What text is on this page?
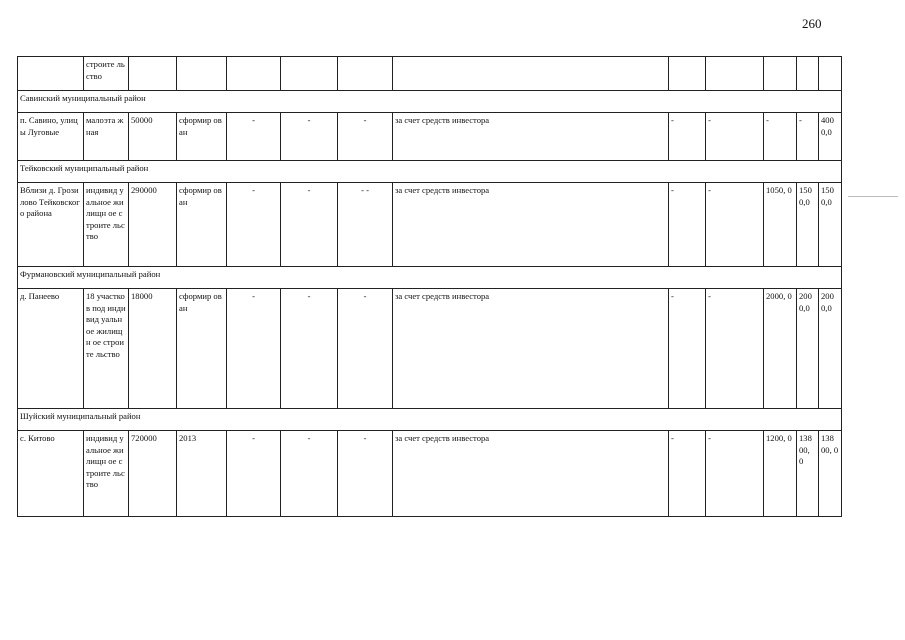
260
	строите льство											
Савинский муниципальный район												
п. Савино, улицы Луговые	малоэта жная	50000	сформир ован	-	-	-	за счет средств инвестора	-	-	-	-	400 0,0
Тейковский муниципальный район												
Вблизи д. Грозилово Тейковског о района	индивид уальное жилищн ое строите льство	290000	сформир ован	-	-	- -	за счет средств инвестора	-	-	1050, 0	150 0,0	150 0,0
Фурмановский муниципальный район												
д. Панеево	18 участко в под индивид уальное жилищн ое строите льство	18000	сформир ован	-	-	-	за счет средств инвестора	-	-	2000, 0	200 0,0	200 0,0
Шуйский муниципальный район												
с. Китово	индивид уальное жилищн ое строите льство	720000	2013	-	-	-	за счет средств инвестора	-	-	1200, 0	138 00, 0	138 00, 0
